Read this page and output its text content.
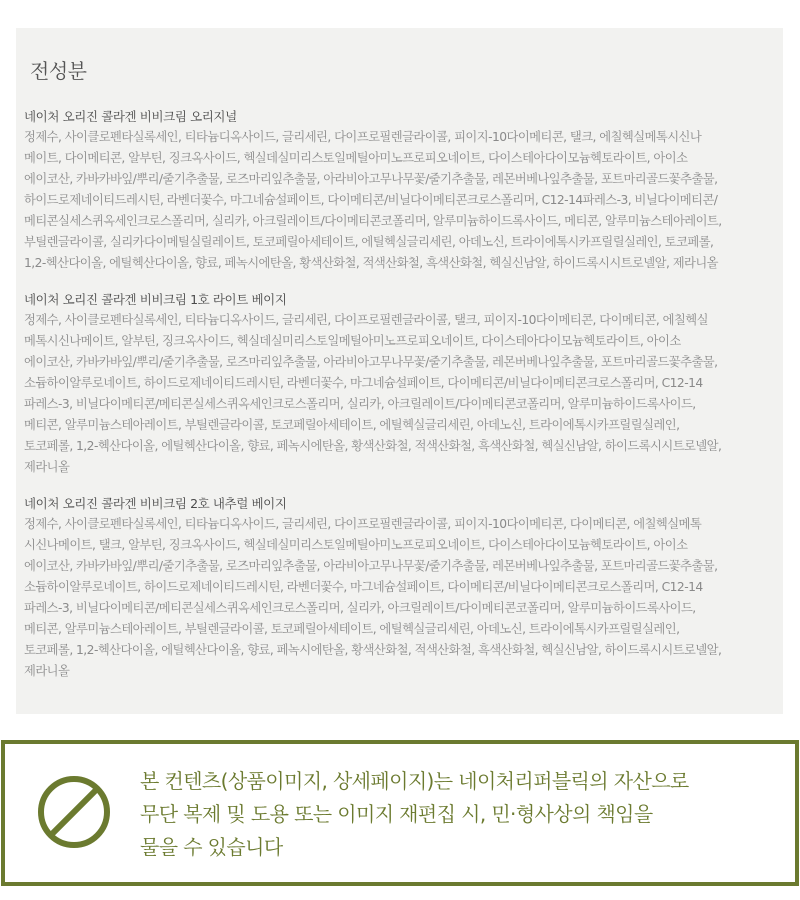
전성분
네이처 오리진 콜라겐 비비크림 오리지널
정제수, 사이클로펜타실록세인, 티타늄디옥사이드, 글리세린, 다이프로필렌글라이콜, 피이지-10다이메티콘, 탤크, 에칠헥실메톡시신나
메이트, 다이메티콘, 알부틴, 징크옥사이드, 헥실데실미리스토일메틸아미노프로피오네이트, 다이스테아다이모늄헥토라이트, 아이소
에이코산, 카바카바잎/뿌리/줄기추출물, 로즈마리잎추출물, 아라비아고무나무꽃/줄기추출물, 레몬버베나잎추출물, 포트마리골드꽃추출물,
하이드로제네이티드레시틴, 라벤더꽃수, 마그네슘설페이트, 다이메티콘/비닐다이메티콘크로스폴리머, C12-14파레스-3, 비닐다이메티콘/
메티콘실세스퀴옥세인크로스폴리머, 실리카, 아크릴레이트/다이메티콘코폴리머, 알루미늄하이드록사이드, 메티콘, 알루미늄스테아레이트,
부틸렌글라이콜, 실리카다이메틸실릴레이트, 토코페릴아세테이트, 에틸헥실글리세린, 아데노신, 트라이에톡시카프릴릴실레인, 토코페롤,
1,2-헥산다이올, 에틸헥산다이올, 향료, 페녹시에탄올, 황색산화철, 적색산화철, 흑색산화철, 헥실신남알, 하이드록시시트로넬알, 제라니올
네이처 오리진 콜라겐 비비크림 1호 라이트 베이지
정제수, 사이클로펜타실록세인, 티타늄디옥사이드, 글리세린, 다이프로필렌글라이콜, 탤크, 피이지-10다이메티콘, 다이메티콘, 에칠헥실
메톡시신나메이트, 알부틴, 징크옥사이드, 헥실데실미리스토일메틸아미노프로피오네이트, 다이스테아다이모늄헥토라이트, 아이소
에이코산, 카바카바잎/뿌리/줄기추출물, 로즈마리잎추출물, 아라비아고무나무꽃/줄기추출물, 레몬버베나잎추출물, 포트마리골드꽃추출물,
소듐하이알루로네이트, 하이드로제네이티드레시틴, 라벤더꽃수, 마그네슘설페이트, 다이메티콘/비닐다이메티콘크로스폴리머, C12-14
파레스-3, 비닐다이메티콘/메티콘실세스퀴옥세인크로스폴리머, 실리카, 아크릴레이트/다이메티콘코폴리머, 알루미늄하이드록사이드,
메티콘, 알루미늄스테아레이트, 부틸렌글라이콜, 토코페릴아세테이트, 에틸헥실글리세린, 아데노신, 트라이에톡시카프릴릴실레인,
토코페롤, 1,2-헥산다이올, 에틸헥산다이올, 향료, 페녹시에탄올, 황색산화철, 적색산화철, 흑색산화철, 헥실신남알, 하이드록시시트로넬알,
제라니올
네이처 오리진 콜라겐 비비크림 2호 내추럴 베이지
정제수, 사이클로펜타실록세인, 티타늄디옥사이드, 글리세린, 다이프로필렌글라이콜, 피이지-10다이메티콘, 다이메티콘, 에칠헥실메톡
시신나메이트, 탤크, 알부틴, 징크옥사이드, 헥실데실미리스토일메틸아미노프로피오네이트, 다이스테아다이모늄헥토라이트, 아이소
에이코산, 카바카바잎/뿌리/줄기추출물, 로즈마리잎추출물, 아라비아고무나무꽃/줄기추출물, 레몬버베나잎추출물, 포트마리골드꽃추출물,
소듐하이알루로네이트, 하이드로제네이티드레시틴, 라벤더꽃수, 마그네슘설페이트, 다이메티콘/비닐다이메티콘크로스폴리머, C12-14
파레스-3, 비닐다이메티콘/메티콘실세스퀴옥세인크로스폴리머, 실리카, 아크릴레이트/다이메티콘코폴리머, 알루미늄하이드록사이드,
메티콘, 알루미늄스테아레이트, 부틸렌글라이콜, 토코페릴아세테이트, 에틸헥실글리세린, 아데노신, 트라이에톡시카프릴릴실레인,
토코페롤, 1,2-헥산다이올, 에틸헥산다이올, 향료, 페녹시에탄올, 황색산화철, 적색산화철, 흑색산화철, 헥실신남알, 하이드록시시트로넬알,
제라니올
본 컨텐츠(상품이미지, 상세페이지)는 네이처리퍼블릭의 자산으로
무단 복제 및 도용 또는 이미지 재편집 시, 민·형사상의 책임을
물을 수 있습니다
